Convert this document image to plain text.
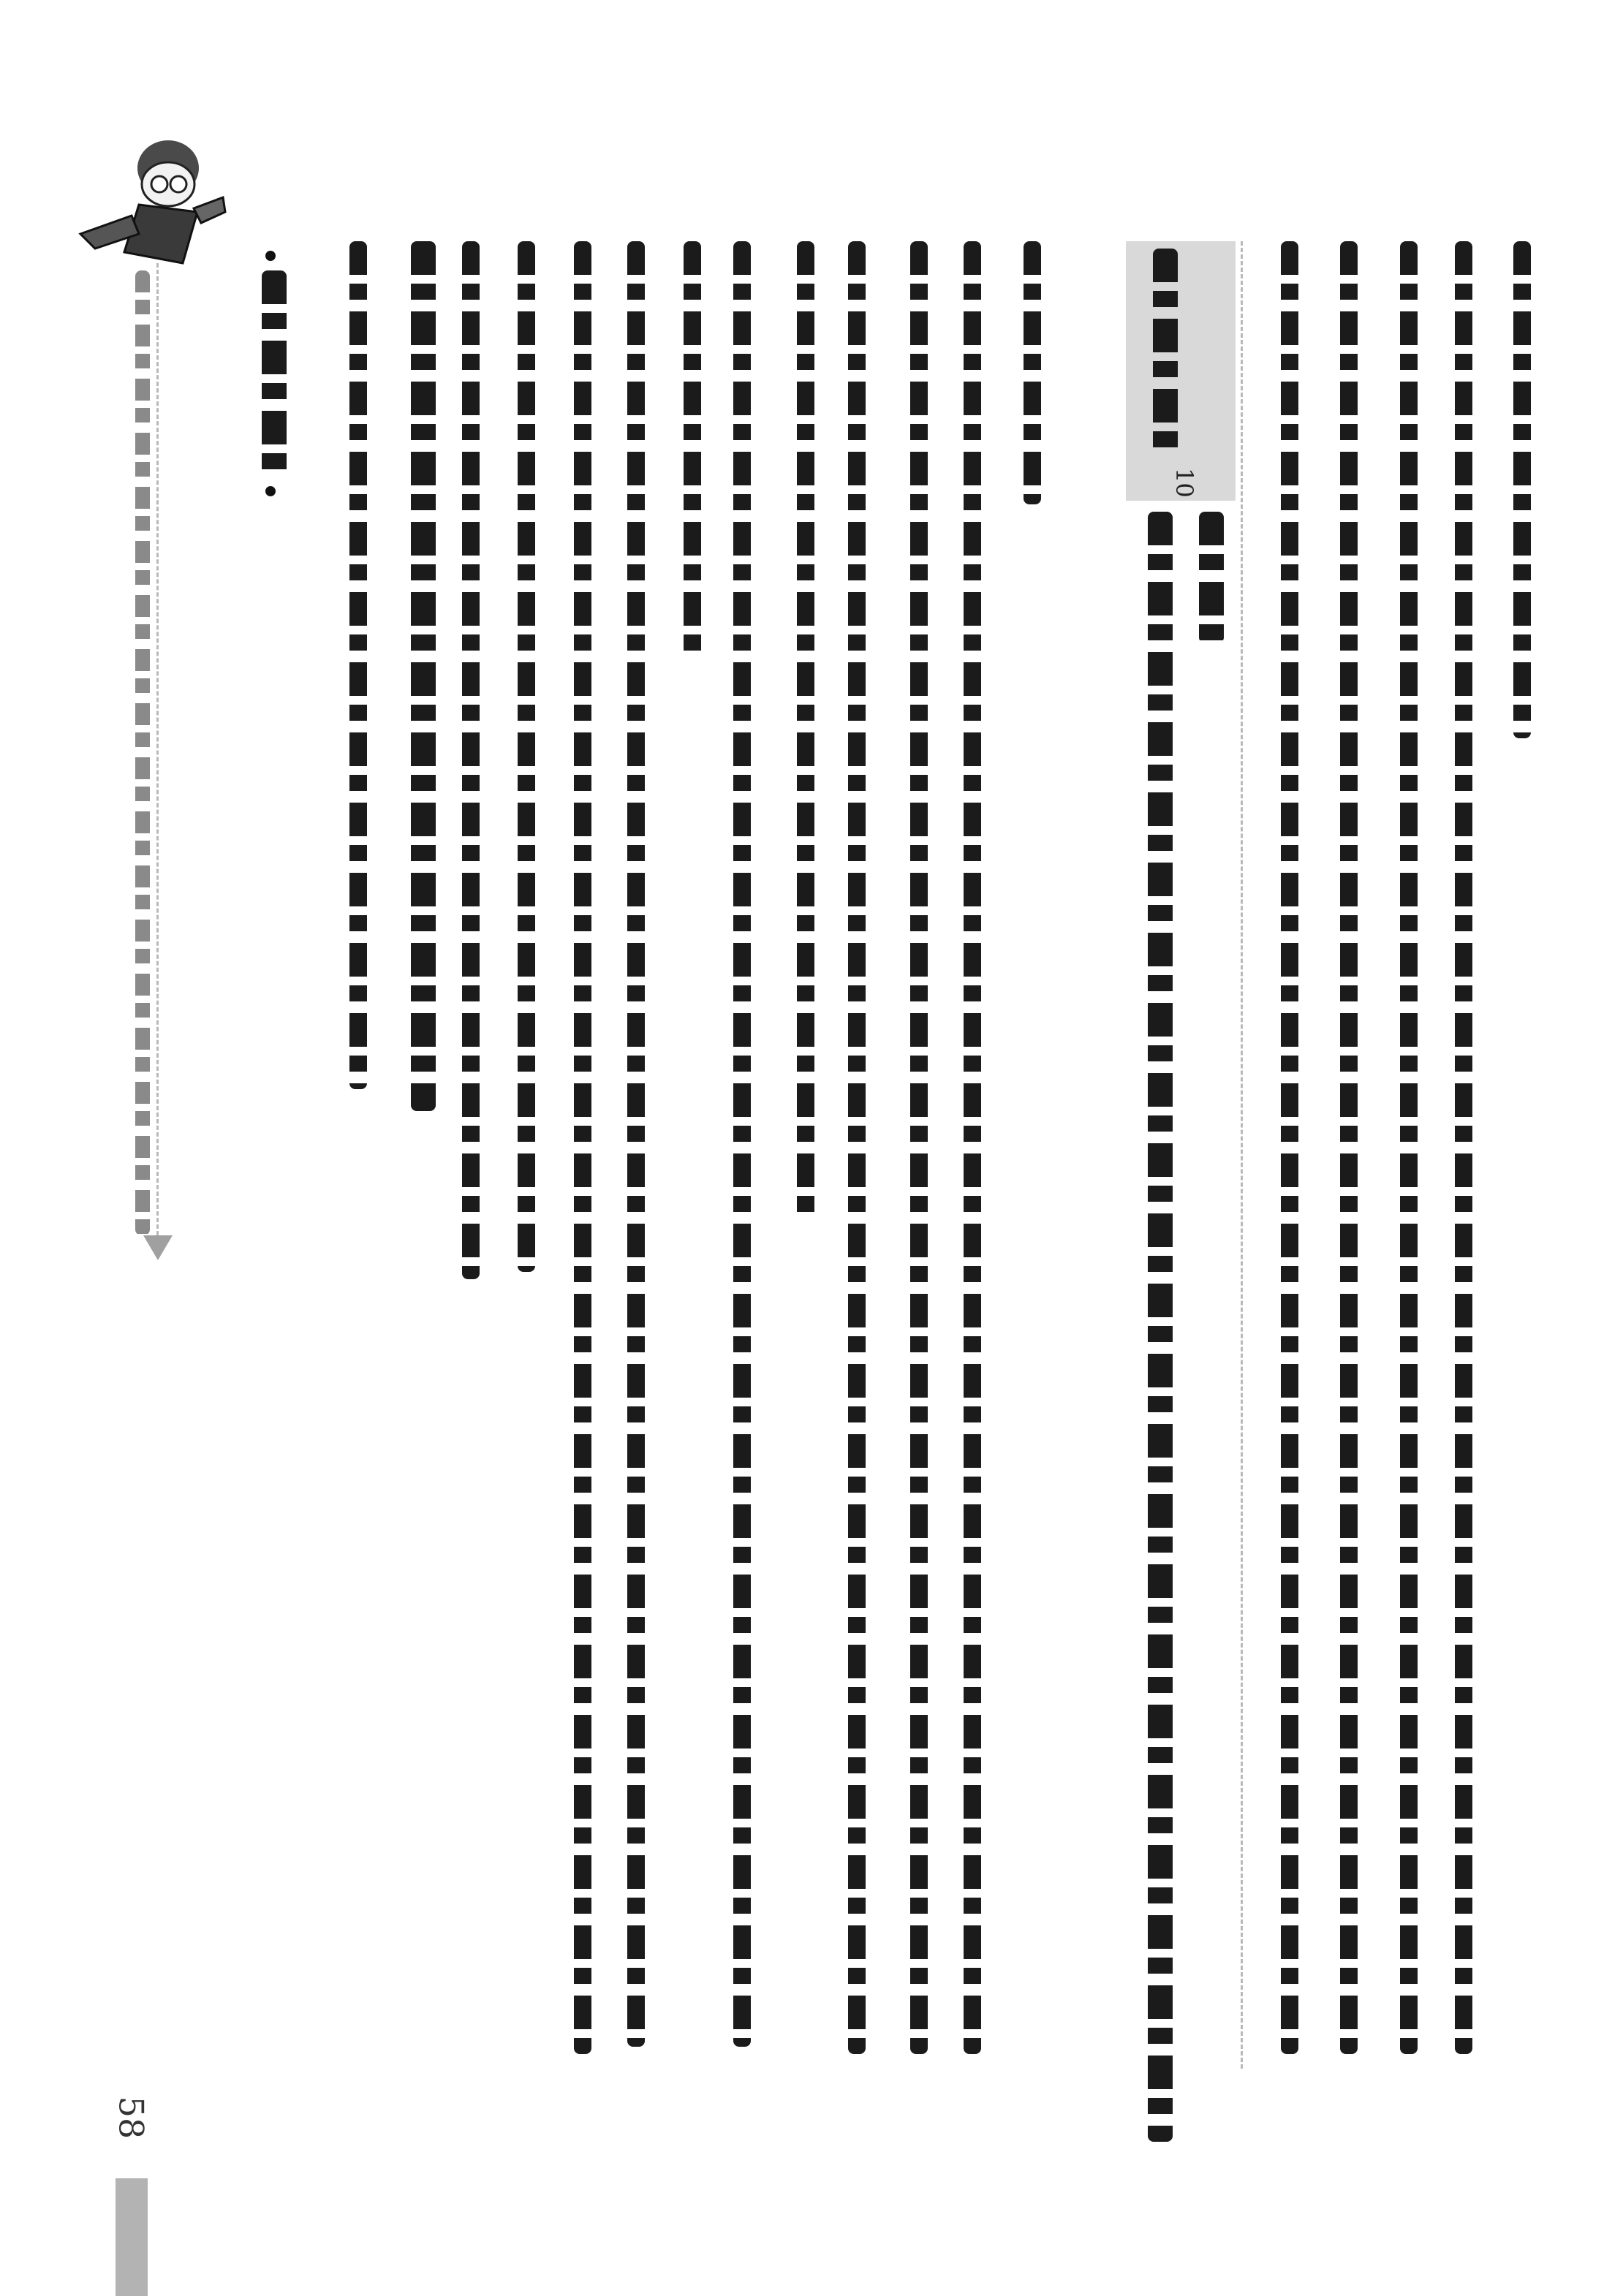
58
10
